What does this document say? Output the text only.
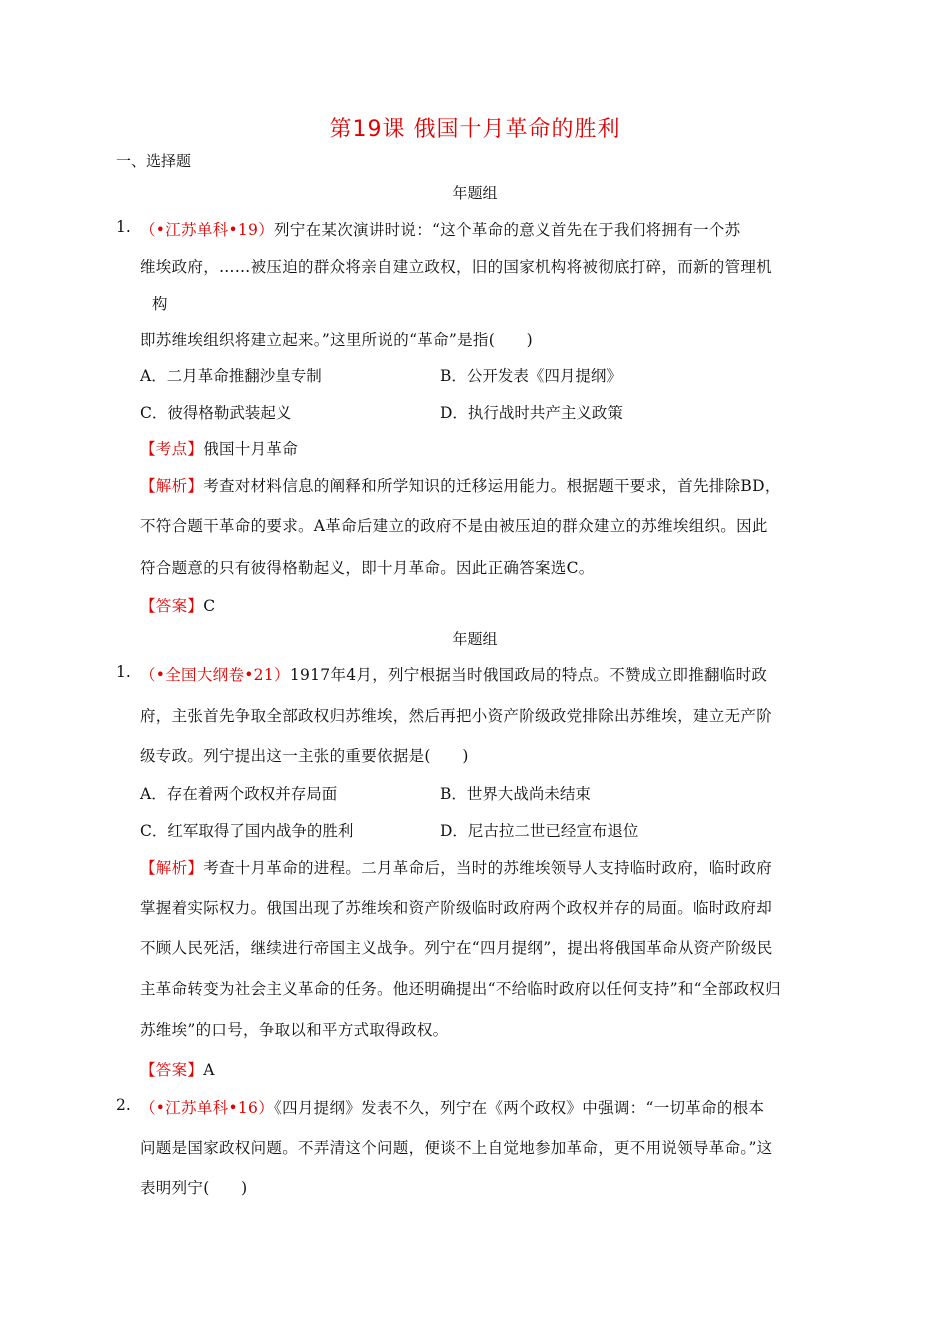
第19课 俄国十月革命的胜利
一、选择题
年题组
1. （•江苏单科•19）列宁在某次演讲时说：“这个革命的意义首先在于我们将拥有一个苏
维埃政府，……被压迫的群众将亲自建立政权，旧的国家机构将被彻底打碎，而新的管理机
构
即苏维埃组织将建立起来。”这里所说的“革命”是指(　　)
A．二月革命推翻沙皇专制	B．公开发表《四月提纲》
C．彼得格勒武装起义	D．执行战时共产主义政策
【考点】俄国十月革命
【解析】考查对材料信息的阐释和所学知识的迁移运用能力。根据题干要求，首先排除BD，
不符合题干革命的要求。A革命后建立的政府不是由被压迫的群众建立的苏维埃组织。因此
符合题意的只有彼得格勒起义，即十月革命。因此正确答案选C。
【答案】C
年题组
1. （•全国大纲卷•21）1917年4月，列宁根据当时俄国政局的特点。不赞成立即推翻临时政
府，主张首先争取全部政权归苏维埃，然后再把小资产阶级政党排除出苏维埃，建立无产阶
级专政。列宁提出这一主张的重要依据是(　　)
A．存在着两个政权并存局面	B．世界大战尚未结束
C．红军取得了国内战争的胜利	D．尼古拉二世已经宣布退位
【解析】考查十月革命的进程。二月革命后，当时的苏维埃领导人支持临时政府，临时政府
掌握着实际权力。俄国出现了苏维埃和资产阶级临时政府两个政权并存的局面。临时政府却
不顾人民死活，继续进行帝国主义战争。列宁在“四月提纲”，提出将俄国革命从资产阶级民
主革命转变为社会主义革命的任务。他还明确提出“不给临时政府以任何支持”和“全部政权归
苏维埃”的口号，争取以和平方式取得政权。
【答案】A
2. （•江苏单科•16）《四月提纲》发表不久，列宁在《两个政权》中强调：“一切革命的根本
问题是国家政权问题。不弄清这个问题，便谈不上自觉地参加革命，更不用说领导革命。”这
表明列宁(　　)
